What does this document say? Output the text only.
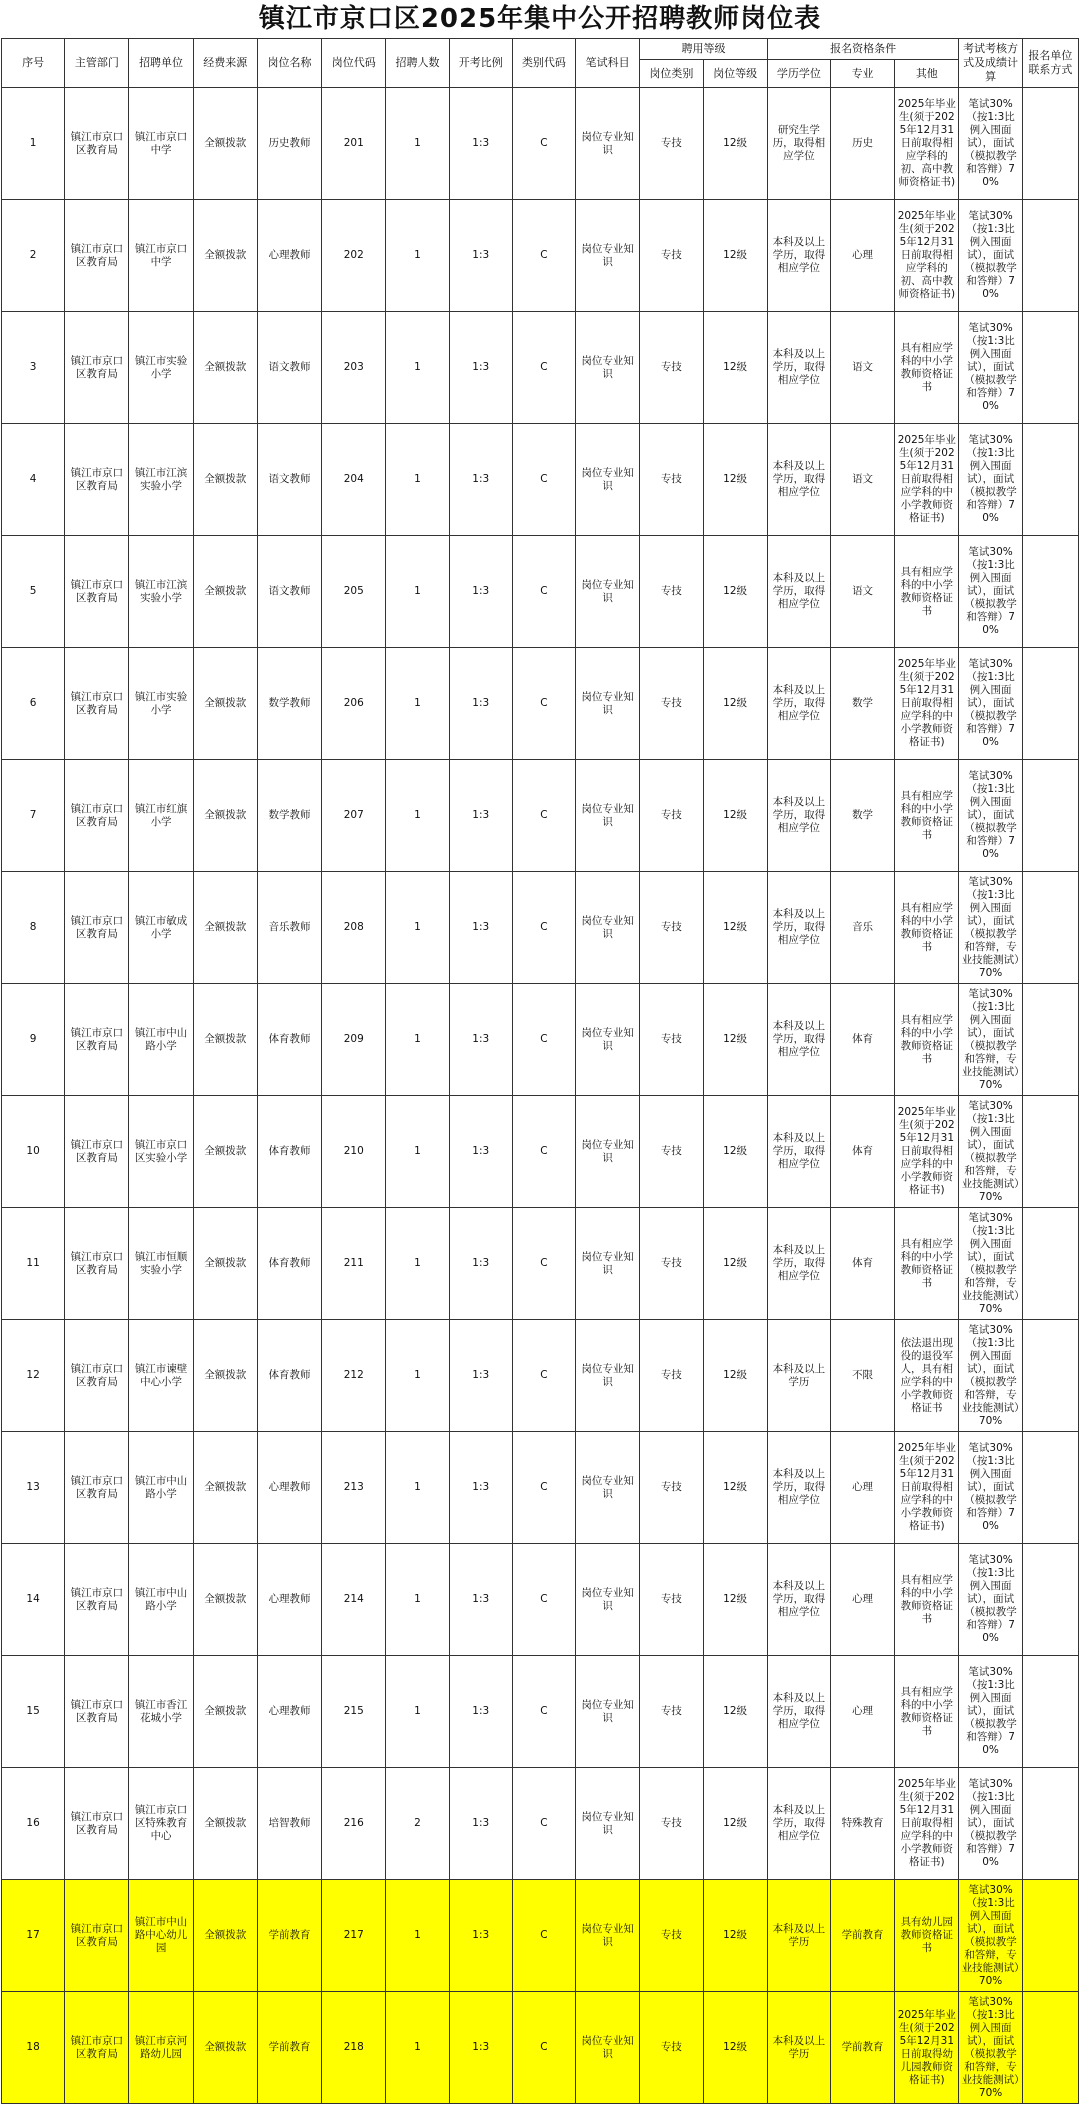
镇江市京口区2025年集中公开招聘教师岗位表
序号	主管部门	招聘单位	经费来源	岗位名称	岗位代码	招聘人数	开考比例	类别代码	笔试科目	聘用等级		报名资格条件			考试考核方式及成绩计算	报名单位联系方式
										岗位类别	岗位等级	学历学位	专业	其他		
1	镇江市京口区教育局	镇江市京口中学	全额拨款	历史教师	201	1	1:3	C	岗位专业知识	专技	12级	研究生学历，取得相应学位	历史	2025年毕业生(须于2025年12月31日前取得相应学科的初、高中教师资格证书)	笔试30%（按1:3比例入围面试），面试（模拟教学和答辩）70%	
2	镇江市京口区教育局	镇江市京口中学	全额拨款	心理教师	202	1	1:3	C	岗位专业知识	专技	12级	本科及以上学历，取得相应学位	心理	2025年毕业生(须于2025年12月31日前取得相应学科的初、高中教师资格证书)	笔试30%（按1:3比例入围面试），面试（模拟教学和答辩）70%	
3	镇江市京口区教育局	镇江市实验小学	全额拨款	语文教师	203	1	1:3	C	岗位专业知识	专技	12级	本科及以上学历，取得相应学位	语文	具有相应学科的中小学教师资格证书	笔试30%（按1:3比例入围面试），面试（模拟教学和答辩）70%	
4	镇江市京口区教育局	镇江市江滨实验小学	全额拨款	语文教师	204	1	1:3	C	岗位专业知识	专技	12级	本科及以上学历，取得相应学位	语文	2025年毕业生(须于2025年12月31日前取得相应学科的中小学教师资格证书)	笔试30%（按1:3比例入围面试），面试（模拟教学和答辩）70%	
5	镇江市京口区教育局	镇江市江滨实验小学	全额拨款	语文教师	205	1	1:3	C	岗位专业知识	专技	12级	本科及以上学历，取得相应学位	语文	具有相应学科的中小学教师资格证书	笔试30%（按1:3比例入围面试），面试（模拟教学和答辩）70%	
6	镇江市京口区教育局	镇江市实验小学	全额拨款	数学教师	206	1	1:3	C	岗位专业知识	专技	12级	本科及以上学历，取得相应学位	数学	2025年毕业生(须于2025年12月31日前取得相应学科的中小学教师资格证书)	笔试30%（按1:3比例入围面试），面试（模拟教学和答辩）70%	
7	镇江市京口区教育局	镇江市红旗小学	全额拨款	数学教师	207	1	1:3	C	岗位专业知识	专技	12级	本科及以上学历，取得相应学位	数学	具有相应学科的中小学教师资格证书	笔试30%（按1:3比例入围面试），面试（模拟教学和答辩）70%	
8	镇江市京口区教育局	镇江市敏成小学	全额拨款	音乐教师	208	1	1:3	C	岗位专业知识	专技	12级	本科及以上学历，取得相应学位	音乐	具有相应学科的中小学教师资格证书	笔试30%（按1:3比例入围面试），面试（模拟教学和答辩，专业技能测试）70%	
9	镇江市京口区教育局	镇江市中山路小学	全额拨款	体育教师	209	1	1:3	C	岗位专业知识	专技	12级	本科及以上学历，取得相应学位	体育	具有相应学科的中小学教师资格证书	笔试30%（按1:3比例入围面试），面试（模拟教学和答辩，专业技能测试）70%	
10	镇江市京口区教育局	镇江市京口区实验小学	全额拨款	体育教师	210	1	1:3	C	岗位专业知识	专技	12级	本科及以上学历，取得相应学位	体育	2025年毕业生(须于2025年12月31日前取得相应学科的中小学教师资格证书)	笔试30%（按1:3比例入围面试），面试（模拟教学和答辩，专业技能测试）70%	
11	镇江市京口区教育局	镇江市恒顺实验小学	全额拨款	体育教师	211	1	1:3	C	岗位专业知识	专技	12级	本科及以上学历，取得相应学位	体育	具有相应学科的中小学教师资格证书	笔试30%（按1:3比例入围面试），面试（模拟教学和答辩，专业技能测试）70%	
12	镇江市京口区教育局	镇江市谏壁中心小学	全额拨款	体育教师	212	1	1:3	C	岗位专业知识	专技	12级	本科及以上学历	不限	依法退出现役的退役军人，具有相应学科的中小学教师资格证书	笔试30%（按1:3比例入围面试），面试（模拟教学和答辩，专业技能测试）70%	
13	镇江市京口区教育局	镇江市中山路小学	全额拨款	心理教师	213	1	1:3	C	岗位专业知识	专技	12级	本科及以上学历，取得相应学位	心理	2025年毕业生(须于2025年12月31日前取得相应学科的中小学教师资格证书)	笔试30%（按1:3比例入围面试），面试（模拟教学和答辩）70%	
14	镇江市京口区教育局	镇江市中山路小学	全额拨款	心理教师	214	1	1:3	C	岗位专业知识	专技	12级	本科及以上学历，取得相应学位	心理	具有相应学科的中小学教师资格证书	笔试30%（按1:3比例入围面试），面试（模拟教学和答辩）70%	
15	镇江市京口区教育局	镇江市香江花城小学	全额拨款	心理教师	215	1	1:3	C	岗位专业知识	专技	12级	本科及以上学历，取得相应学位	心理	具有相应学科的中小学教师资格证书	笔试30%（按1:3比例入围面试），面试（模拟教学和答辩）70%	
16	镇江市京口区教育局	镇江市京口区特殊教育中心	全额拨款	培智教师	216	2	1:3	C	岗位专业知识	专技	12级	本科及以上学历，取得相应学位	特殊教育	2025年毕业生(须于2025年12月31日前取得相应学科的中小学教师资格证书)	笔试30%（按1:3比例入围面试），面试（模拟教学和答辩）70%	
17	镇江市京口区教育局	镇江市中山路中心幼儿园	全额拨款	学前教育	217	1	1:3	C	岗位专业知识	专技	12级	本科及以上学历	学前教育	具有幼儿园教师资格证书	笔试30%（按1:3比例入围面试），面试（模拟教学和答辩，专业技能测试）70%	
18	镇江市京口区教育局	镇江市京河路幼儿园	全额拨款	学前教育	218	1	1:3	C	岗位专业知识	专技	12级	本科及以上学历	学前教育	2025年毕业生(须于2025年12月31日前取得幼儿园教师资格证书)	笔试30%（按1:3比例入围面试），面试（模拟教学和答辩，专业技能测试）70%	
